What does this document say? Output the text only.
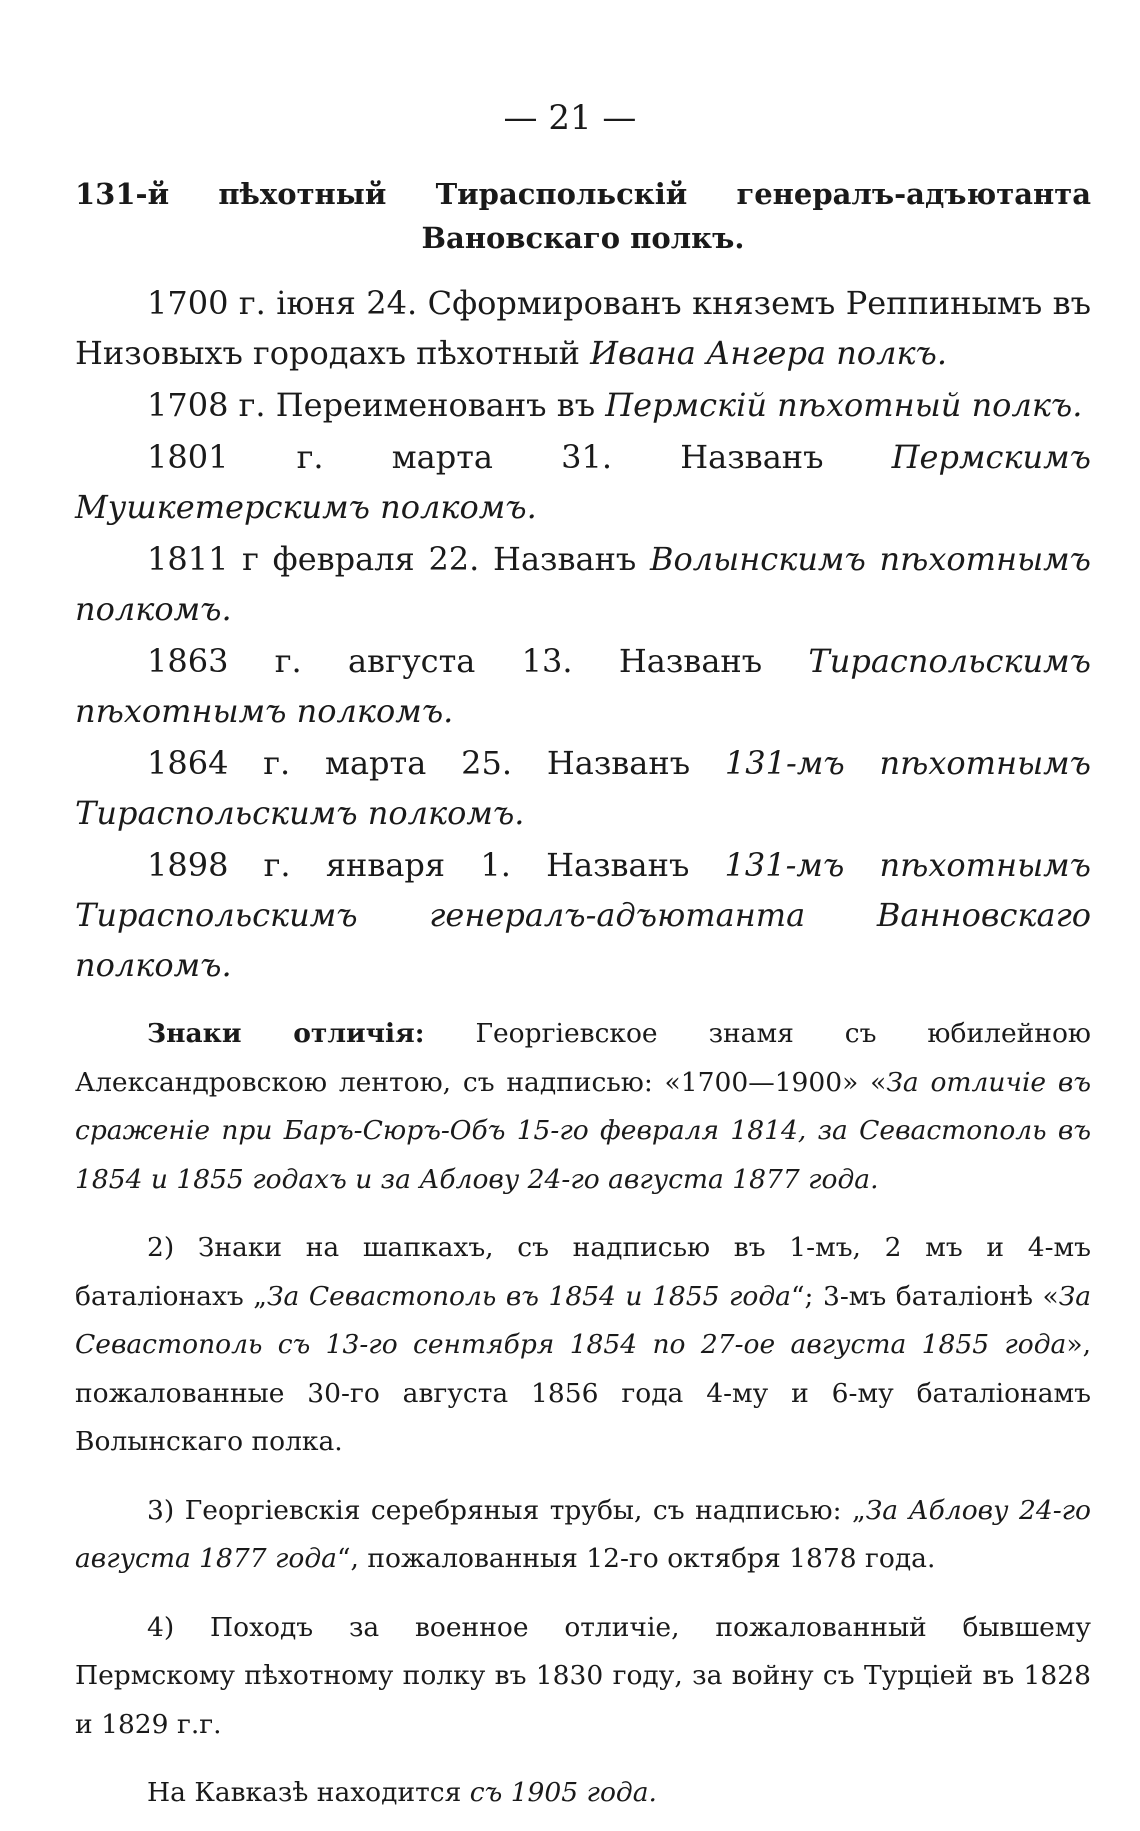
— 21 —
131-й пѣхотный Тираспольскій генералъ-адъютанта Вановскаго полкъ.

1700 г. іюня 24. Сформированъ княземъ Реппинымъ въ Низовыхъ городахъ пѣхотный Ивана Ангера полкъ.

1708 г. Переименованъ въ Пермскій пѣхотный полкъ.

1801 г. марта 31. Названъ Пермскимъ Мушкетерскимъ полкомъ.

1811 г февраля 22. Названъ Волынскимъ пѣхотнымъ полкомъ.

1863 г. августа 13. Названъ Тираспольскимъ пѣхотнымъ полкомъ.

1864 г. марта 25. Названъ 131-мъ пѣхотнымъ Тираспольскимъ полкомъ.

1898 г. января 1. Названъ 131-мъ пѣхотнымъ Тираспольскимъ генералъ-адъютанта Ванновскаго полкомъ.

Знаки отличія: Георгіевское знамя съ юбилейною Александровскою лентою, съ надписью: «1700—1900» «За отличіе въ сраженіе при Баръ-Сюръ-Объ 15-го февраля 1814, за Севастополь въ 1854 и 1855 годахъ и за Аблову 24-го августа 1877 года.

2) Знаки на шапкахъ, съ надписью въ 1-мъ, 2 мъ и 4-мъ баталіонахъ „За Севастополь въ 1854 и 1855 года“; 3-мъ баталіонѣ «За Севастополь съ 13-го сентября 1854 по 27-ое августа 1855 года», пожалованные 30-го августа 1856 года 4-му и 6-му баталіонамъ Волынскаго полка.

3) Георгіевскія серебряныя трубы, съ надписью: „За Аблову 24-го августа 1877 года“, пожалованныя 12-го октября 1878 года.

4) Походъ за военное отличіе, пожалованный бывшему Пермскому пѣхотному полку въ 1830 году, за войну съ Турціей въ 1828 и 1829 г.г.

На Кавказѣ находится съ 1905 года.
